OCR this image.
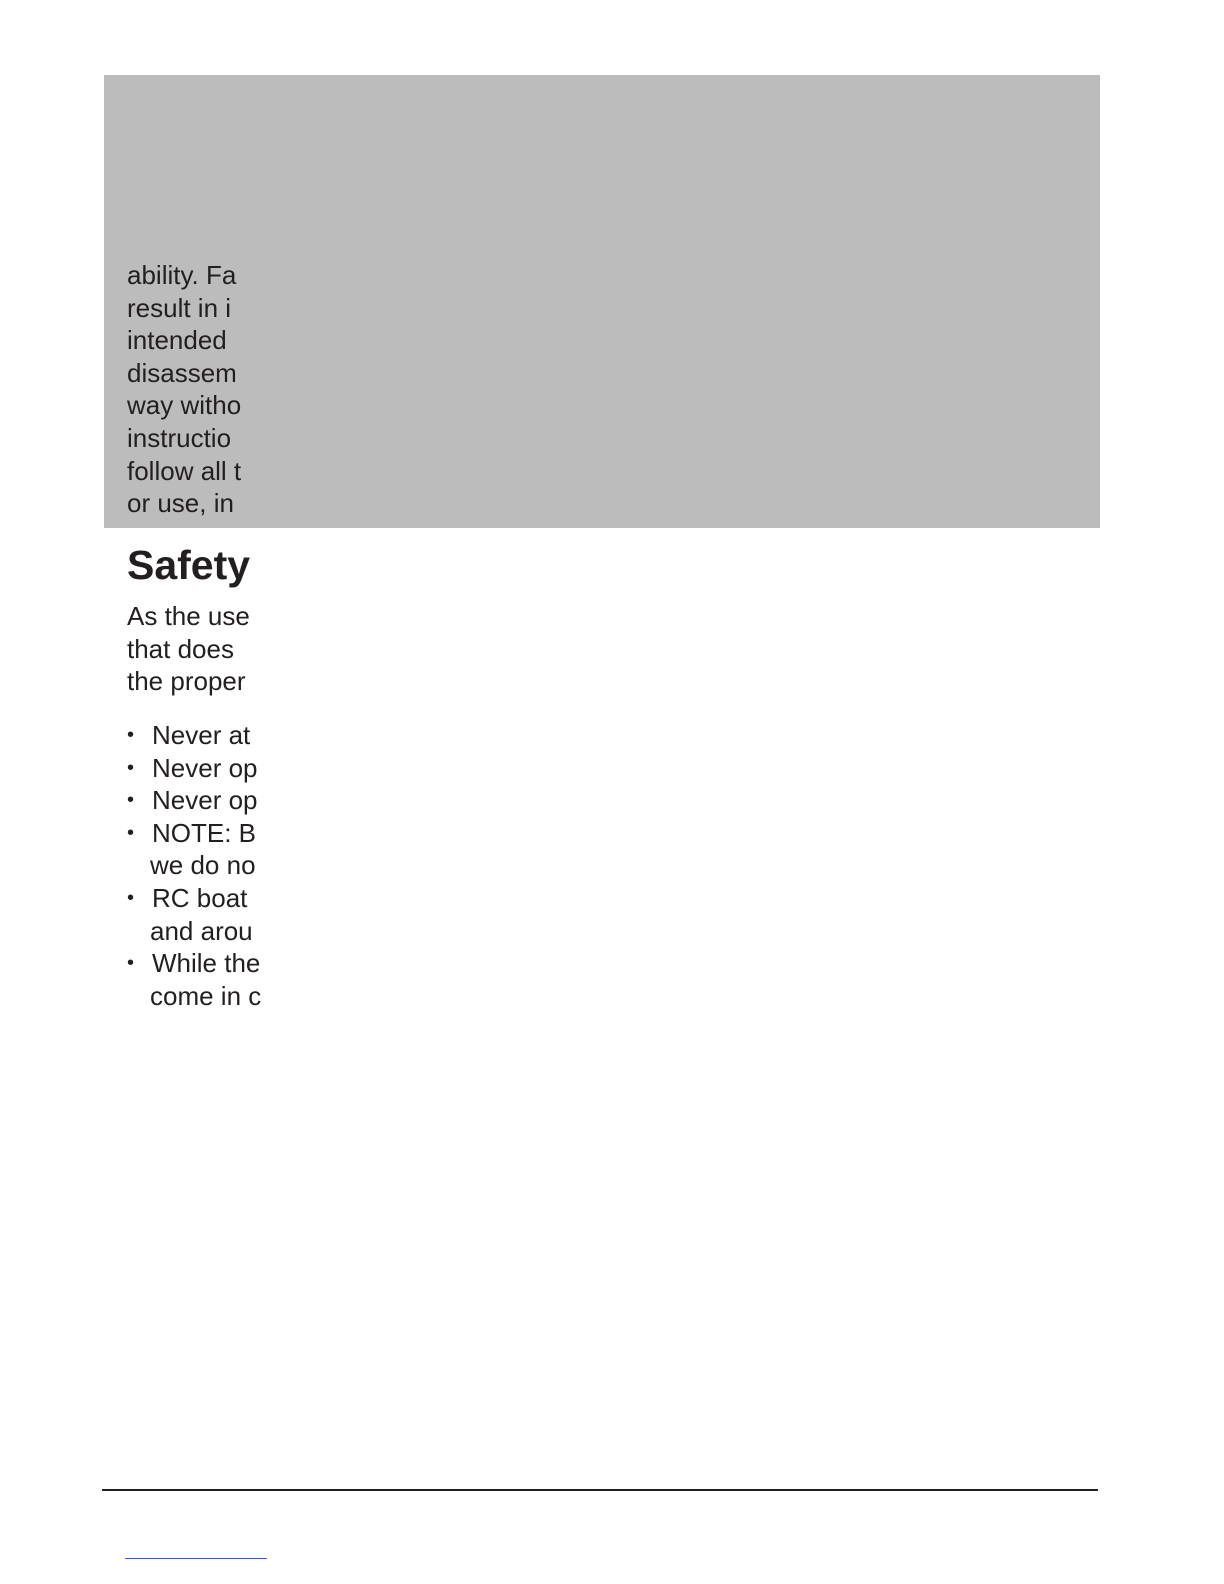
ability. Fa
result in i
intended
disassem
way witho
instructio
follow all t
or use, in
Safety
As the use
that does
the proper
• Never at
• Never op
• Never op
• NOTE: B
we do no
• RC boat
and arou
• While the
come in c
